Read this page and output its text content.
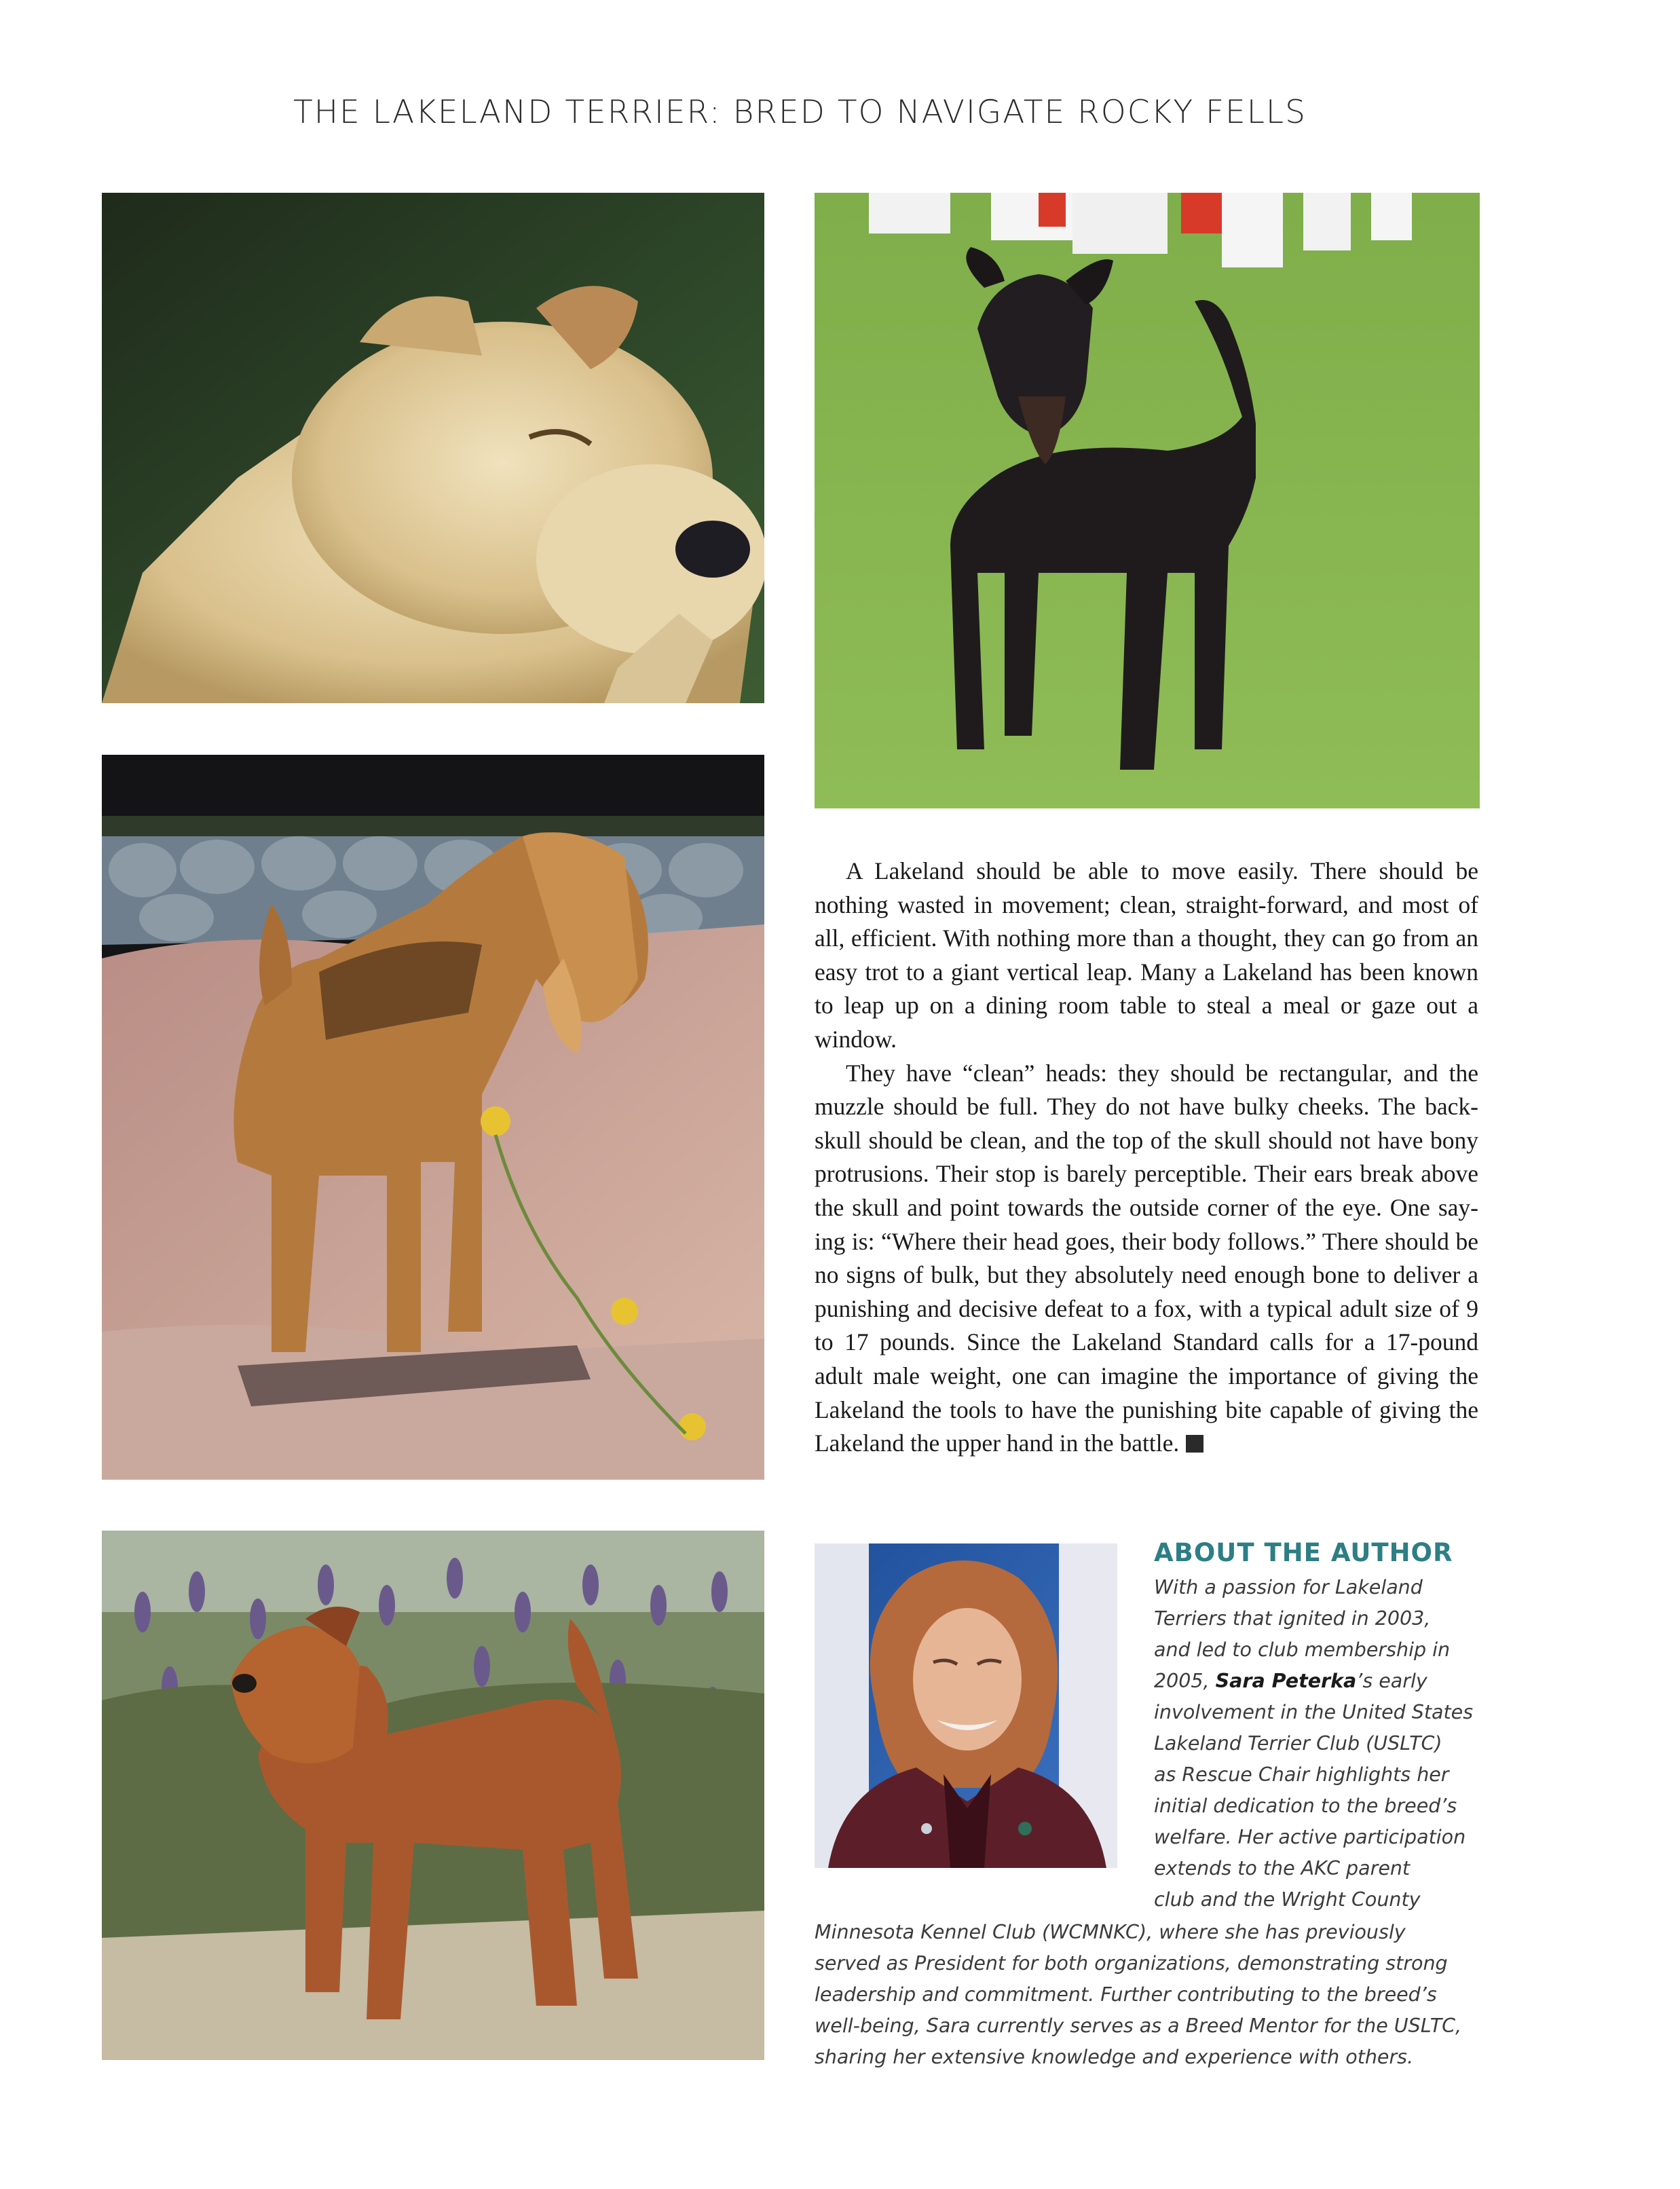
THE LAKELAND TERRIER: BRED TO NAVIGATE ROCKY FELLS

A Lakeland should be able to move easily. There should be nothing wasted in movement; clean, straight-forward, and most of all, efficient. With nothing more than a thought, they can go from an easy trot to a giant vertical leap. Many a Lakeland has been known to leap up on a dining room table to steal a meal or gaze out a window.

They have “clean” heads: they should be rectangular, and the muzzle should be full. They do not have bulky cheeks. The back-skull should be clean, and the top of the skull should not have bony protrusions. Their stop is barely perceptible. Their ears break above the skull and point towards the outside corner of the eye. One say-ing is: “Where their head goes, their body follows.” There should be no signs of bulk, but they absolutely need enough bone to deliver a punishing and decisive defeat to a fox, with a typical adult size of 9 to 17 pounds. Since the Lakeland Standard calls for a 17-pound adult male weight, one can imagine the importance of giving the Lakeland the tools to have the punishing bite capable of giving the Lakeland the upper hand in the battle.

ABOUT THE AUTHOR
With a passion for Lakeland
Terriers that ignited in 2003,
and led to club membership in
2005, Sara Peterka’s early
involvement in the United States
Lakeland Terrier Club (USLTC)
as Rescue Chair highlights her
initial dedication to the breed’s
welfare. Her active participation
extends to the AKC parent
club and the Wright County
Minnesota Kennel Club (WCMNKC), where she has previously
served as President for both organizations, demonstrating strong
leadership and commitment. Further contributing to the breed’s
well-being, Sara currently serves as a Breed Mentor for the USLTC,
sharing her extensive knowledge and experience with others.
